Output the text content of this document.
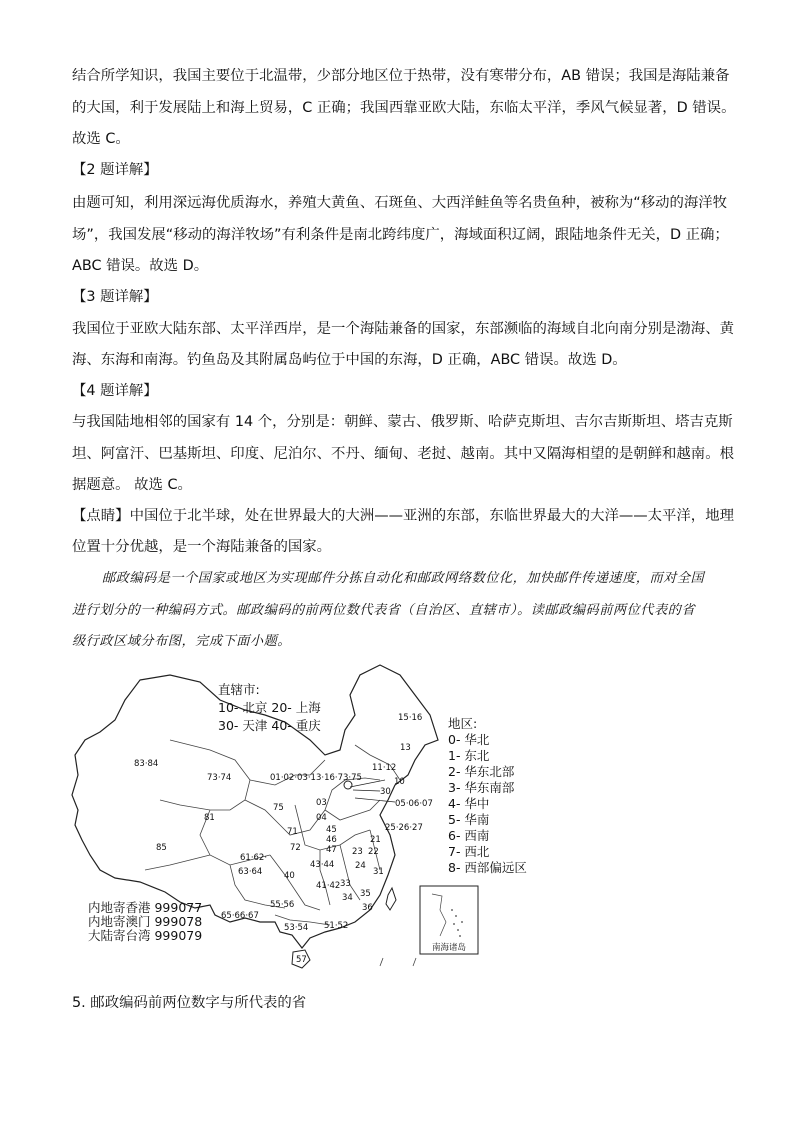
结合所学知识，我国主要位于北温带，少部分地区位于热带，没有寒带分布，AB 错误；我国是海陆兼备
的大国，利于发展陆上和海上贸易，C 正确；我国西靠亚欧大陆，东临太平洋，季风气候显著，D 错误。
故选 C。
【2 题详解】
由题可知，利用深远海优质海水，养殖大黄鱼、石斑鱼、大西洋鲑鱼等名贵鱼种，被称为“移动的海洋牧
场”，我国发展“移动的海洋牧场”有利条件是南北跨纬度广，海域面积辽阔，跟陆地条件无关，D 正确；
ABC 错误。故选 D。
【3 题详解】
我国位于亚欧大陆东部、太平洋西岸，是一个海陆兼备的国家，东部濒临的海域自北向南分别是渤海、黄
海、东海和南海。钓鱼岛及其附属岛屿位于中国的东海，D 正确，ABC 错误。故选 D。
【4 题详解】
与我国陆地相邻的国家有 14 个，分别是：朝鲜、蒙古、俄罗斯、哈萨克斯坦、吉尔吉斯斯坦、塔吉克斯
坦、阿富汗、巴基斯坦、印度、尼泊尔、不丹、缅甸、老挝、越南。其中又隔海相望的是朝鲜和越南。根
据题意。 故选 C。
【点睛】中国位于北半球，处在世界最大的大洲——亚洲的东部，东临世界最大的大洋——太平洋，地理
位置十分优越，是一个海陆兼备的国家。
邮政编码是一个国家或地区为实现邮件分拣自动化和邮政网络数位化，加快邮件传递速度，而对全国
进行划分的一种编码方式。邮政编码的前两位数代表省（自治区、直辖市）。读邮政编码前两位代表的省
级行政区域分布图，完成下面小题。
南海诸岛
直辖市:
10- 北京 20- 上海
30- 天津 40- 重庆	地区:
0- 华北
1- 东北
2- 华东北部
3- 华东南部
4- 华中
5- 华南
6- 西南
7- 西北
8- 西部偏远区
内地寄香港 999077
内地寄澳门 999078
大陆寄台湾 999079
15·16
13
11·12
10
30
05·06·07
25·26·27
01·02·03·13·16·73·75
83·84
73·74
81
75	03
04
45
46
47
71
72
85
61·62·
63·64
43·44
40
23
21
22
24
31
41·42 33
34 35
36
55·56
65·66·67
53·54 51·52
57
5. 邮政编码前两位数字与所代表的省
